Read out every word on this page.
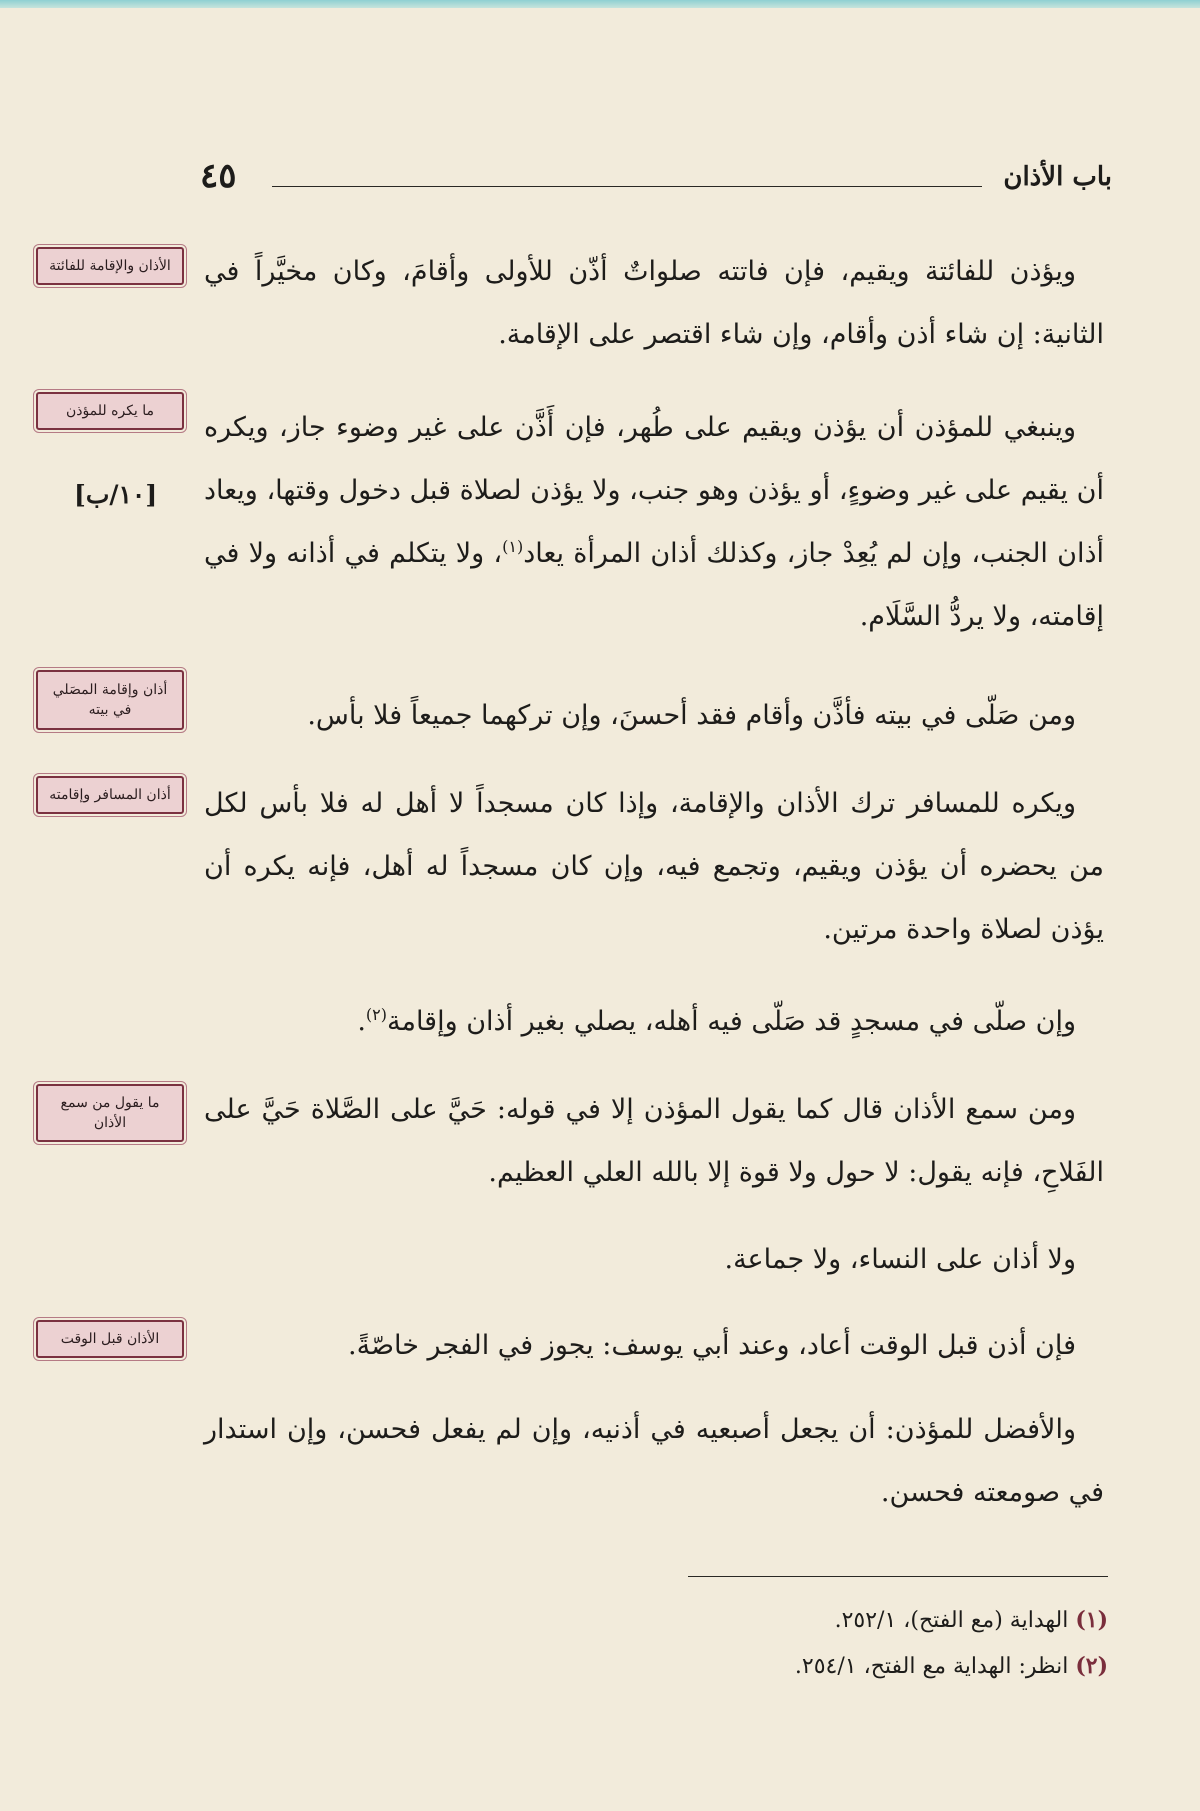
باب الأذان
٤٥

ويؤذن للفائتة ويقيم، فإن فاتته صلواتٌ أذّن للأولى وأقامَ، وكان مخيَّراً في الثانية: إن شاء أذن وأقام، وإن شاء اقتصر على الإقامة.

وينبغي للمؤذن أن يؤذن ويقيم على طُهر، فإن أَذَّن على غير وضوء جاز، ويكره أن يقيم على غير وضوءٍ، أو يؤذن وهو جنب، ولا يؤذن لصلاة قبل دخول وقتها، ويعاد أذان الجنب، وإن لم يُعِدْ جاز، وكذلك أذان المرأة يعاد$^{(١)}$، ولا يتكلم في أذانه ولا في إقامته، ولا يردُّ السَّلَام.

ومن صَلّى في بيته فأذَّن وأقام فقد أحسنَ، وإن تركهما جميعاً فلا بأس.

ويكره للمسافر ترك الأذان والإقامة، وإذا كان مسجداً لا أهل له فلا بأس لكل من يحضره أن يؤذن ويقيم، وتجمع فيه، وإن كان مسجداً له أهل، فإنه يكره أن يؤذن لصلاة واحدة مرتين.

وإن صلّى في مسجدٍ قد صَلّى فيه أهله، يصلي بغير أذان وإقامة$^{(٢)}$.

ومن سمع الأذان قال كما يقول المؤذن إلا في قوله: حَيَّ على الصَّلاة حَيَّ على الفَلاحِ، فإنه يقول: لا حول ولا قوة إلا بالله العلي العظيم.

ولا أذان على النساء، ولا جماعة.

فإن أذن قبل الوقت أعاد، وعند أبي يوسف: يجوز في الفجر خاصّةً.

والأفضل للمؤذن: أن يجعل أصبعيه في أذنيه، وإن لم يفعل فحسن، وإن استدار في صومعته فحسن.

الأذان والإقامة للفائتة
ما يكره للمؤذن
أذان وإقامة المصَلي في بيته
أذان المسافر وإقامته
ما يقول من سمع الأذان
الأذان قبل الوقت
[١٠/ب]
(١) الهداية (مع الفتح)، ٢٥٢/١.
(٢) انظر: الهداية مع الفتح، ٢٥٤/١.
